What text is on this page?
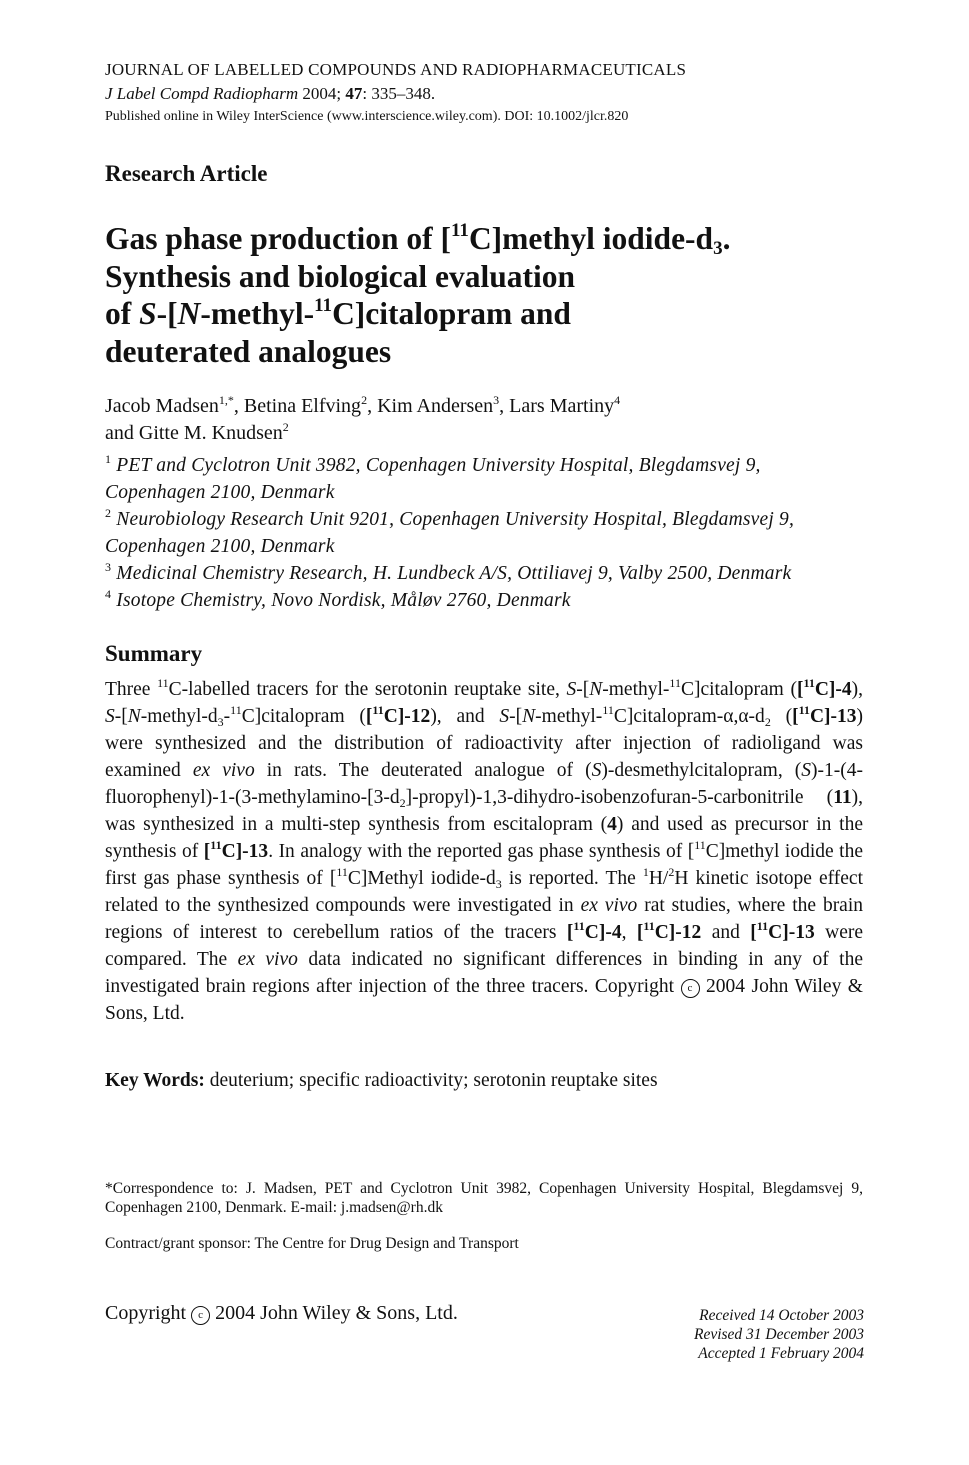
JOURNAL OF LABELLED COMPOUNDS AND RADIOPHARMACEUTICALS
J Label Compd Radiopharm 2004; 47: 335–348.
Published online in Wiley InterScience (www.interscience.wiley.com). DOI: 10.1002/jlcr.820
Research Article
Gas phase production of [$^{11}$C]methyl iodide-$d_3$.
Synthesis and biological evaluation
of S-[N-methyl-$^{11}$C]citalopram and
deuterated analogues
Jacob Madsen$^{1,*}$, Betina Elfving$^2$, Kim Andersen$^3$, Lars Martiny$^4$
and Gitte M. Knudsen$^2$
$^1$ PET and Cyclotron Unit 3982, Copenhagen University Hospital, Blegdamsvej 9,
Copenhagen 2100, Denmark
$^2$ Neurobiology Research Unit 9201, Copenhagen University Hospital, Blegdamsvej 9,
Copenhagen 2100, Denmark
$^3$ Medicinal Chemistry Research, H. Lundbeck A/S, Ottiliavej 9, Valby 2500, Denmark
$^4$ Isotope Chemistry, Novo Nordisk, Måløv 2760, Denmark
Summary
Three $^{11}$C-labelled tracers for the serotonin reuptake site, S-[N-methyl-$^{11}$C]citalopram ([$^{11}$C]-4), $S-[N-methyl-d_3-^{11}C]citalopram$ ([$^{11}$C]-12), and $S-[N-methyl-^{11}C]citalopram-\alpha,\alpha-d_2$ ([$^{11}$C]-13) were synthesized and the distribution of radioactivity after injection of radioligand was examined ex vivo in rats. The deuterated analogue of (S)-desmethylcitalopram, $(S)-1-(4-fluorophenyl)-1-(3-methylamino-[3-d_2]-propyl)-1,3-dihydro-isobenzofuran-5$-carbonitrile (11), was synthesized in a multi-step synthesis from escitalopram (4) and used as precursor in the synthesis of [$^{11}$C]-13. In analogy with the reported gas phase synthesis of [$^{11}$C]methyl iodide the first gas phase synthesis of [$^{11}$C]Methyl iodide-$d_3$ is reported. The $^1$H/$^2$H kinetic isotope effect related to the synthesized compounds were investigated in ex vivo rat studies, where the brain regions of interest to cerebellum ratios of the tracers [$^{11}$C]-4, [$^{11}$C]-12 and [$^{11}$C]-13 were compared. The ex vivo data indicated no significant differences in binding in any of the investigated brain regions after injection of the three tracers. Copyright c 2004 John Wiley & Sons, Ltd.
Key Words: deuterium; specific radioactivity; serotonin reuptake sites
*Correspondence to: J. Madsen, PET and Cyclotron Unit 3982, Copenhagen University Hospital, Blegdamsvej 9, Copenhagen 2100, Denmark. E-mail: j.madsen@rh.dk
Contract/grant sponsor: The Centre for Drug Design and Transport
Copyright c 2004 John Wiley & Sons, Ltd.	Received 14 October 2003
Revised 31 December 2003
Accepted 1 February 2004
